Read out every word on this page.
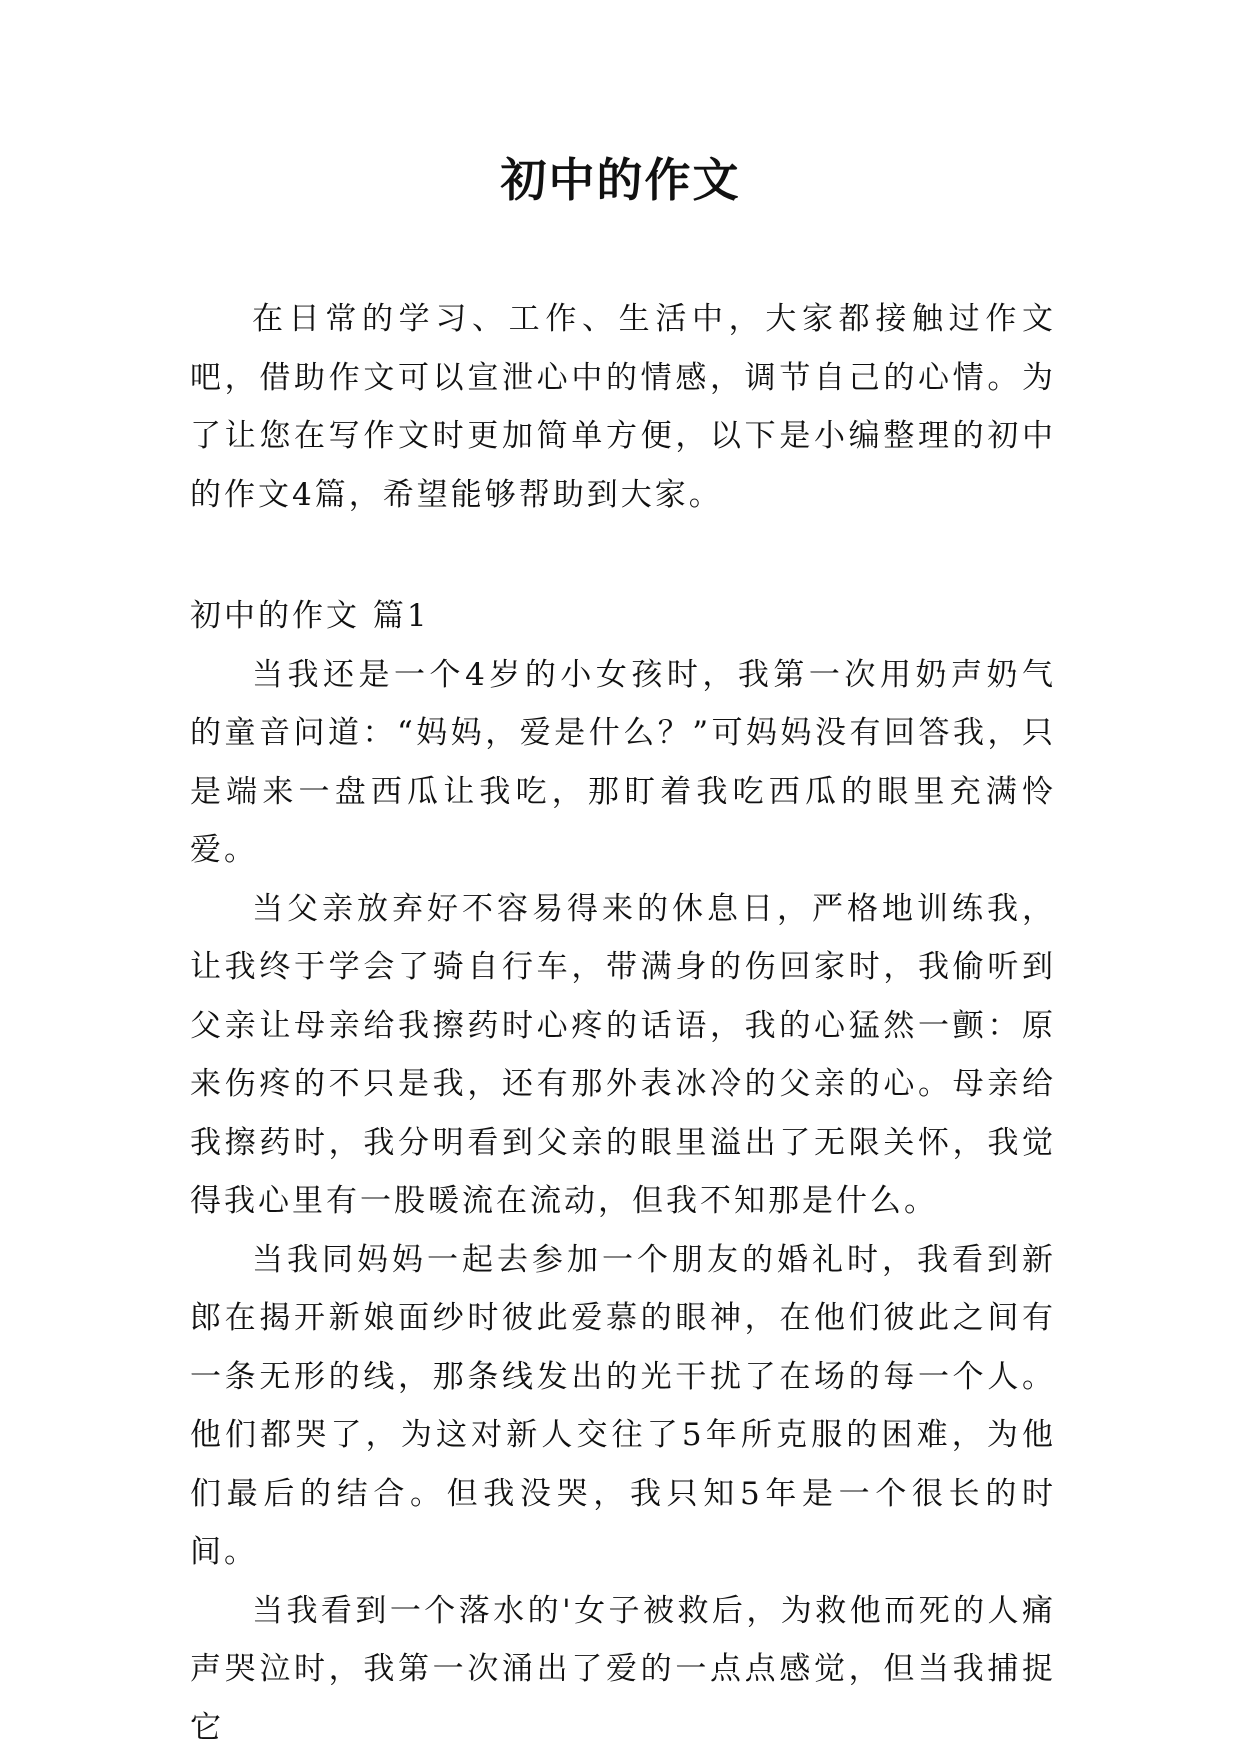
初中的作文

在日常的学习、工作、生活中，大家都接触过作文吧，借助作文可以宣泄心中的情感，调节自己的心情。为了让您在写作文时更加简单方便，以下是小编整理的初中的作文4篇，希望能够帮助到大家。

初中的作文 篇1

当我还是一个4岁的小女孩时，我第一次用奶声奶气的童音问道：“妈妈，爱是什么？”可妈妈没有回答我，只是端来一盘西瓜让我吃，那盯着我吃西瓜的眼里充满怜爱。

当父亲放弃好不容易得来的休息日，严格地训练我，让我终于学会了骑自行车，带满身的伤回家时，我偷听到父亲让母亲给我擦药时心疼的话语，我的心猛然一颤：原来伤疼的不只是我，还有那外表冰冷的父亲的心。母亲给我擦药时，我分明看到父亲的眼里溢出了无限关怀，我觉得我心里有一股暖流在流动，但我不知那是什么。

当我同妈妈一起去参加一个朋友的婚礼时，我看到新郎在揭开新娘面纱时彼此爱慕的眼神，在他们彼此之间有一条无形的线，那条线发出的光干扰了在场的每一个人。他们都哭了，为这对新人交往了5年所克服的困难，为他们最后的结合。但我没哭，我只知5年是一个很长的时间。

当我看到一个落水的'女子被救后，为救他而死的人痛声哭泣时，我第一次涌出了爱的一点点感觉，但当我捕捉它
